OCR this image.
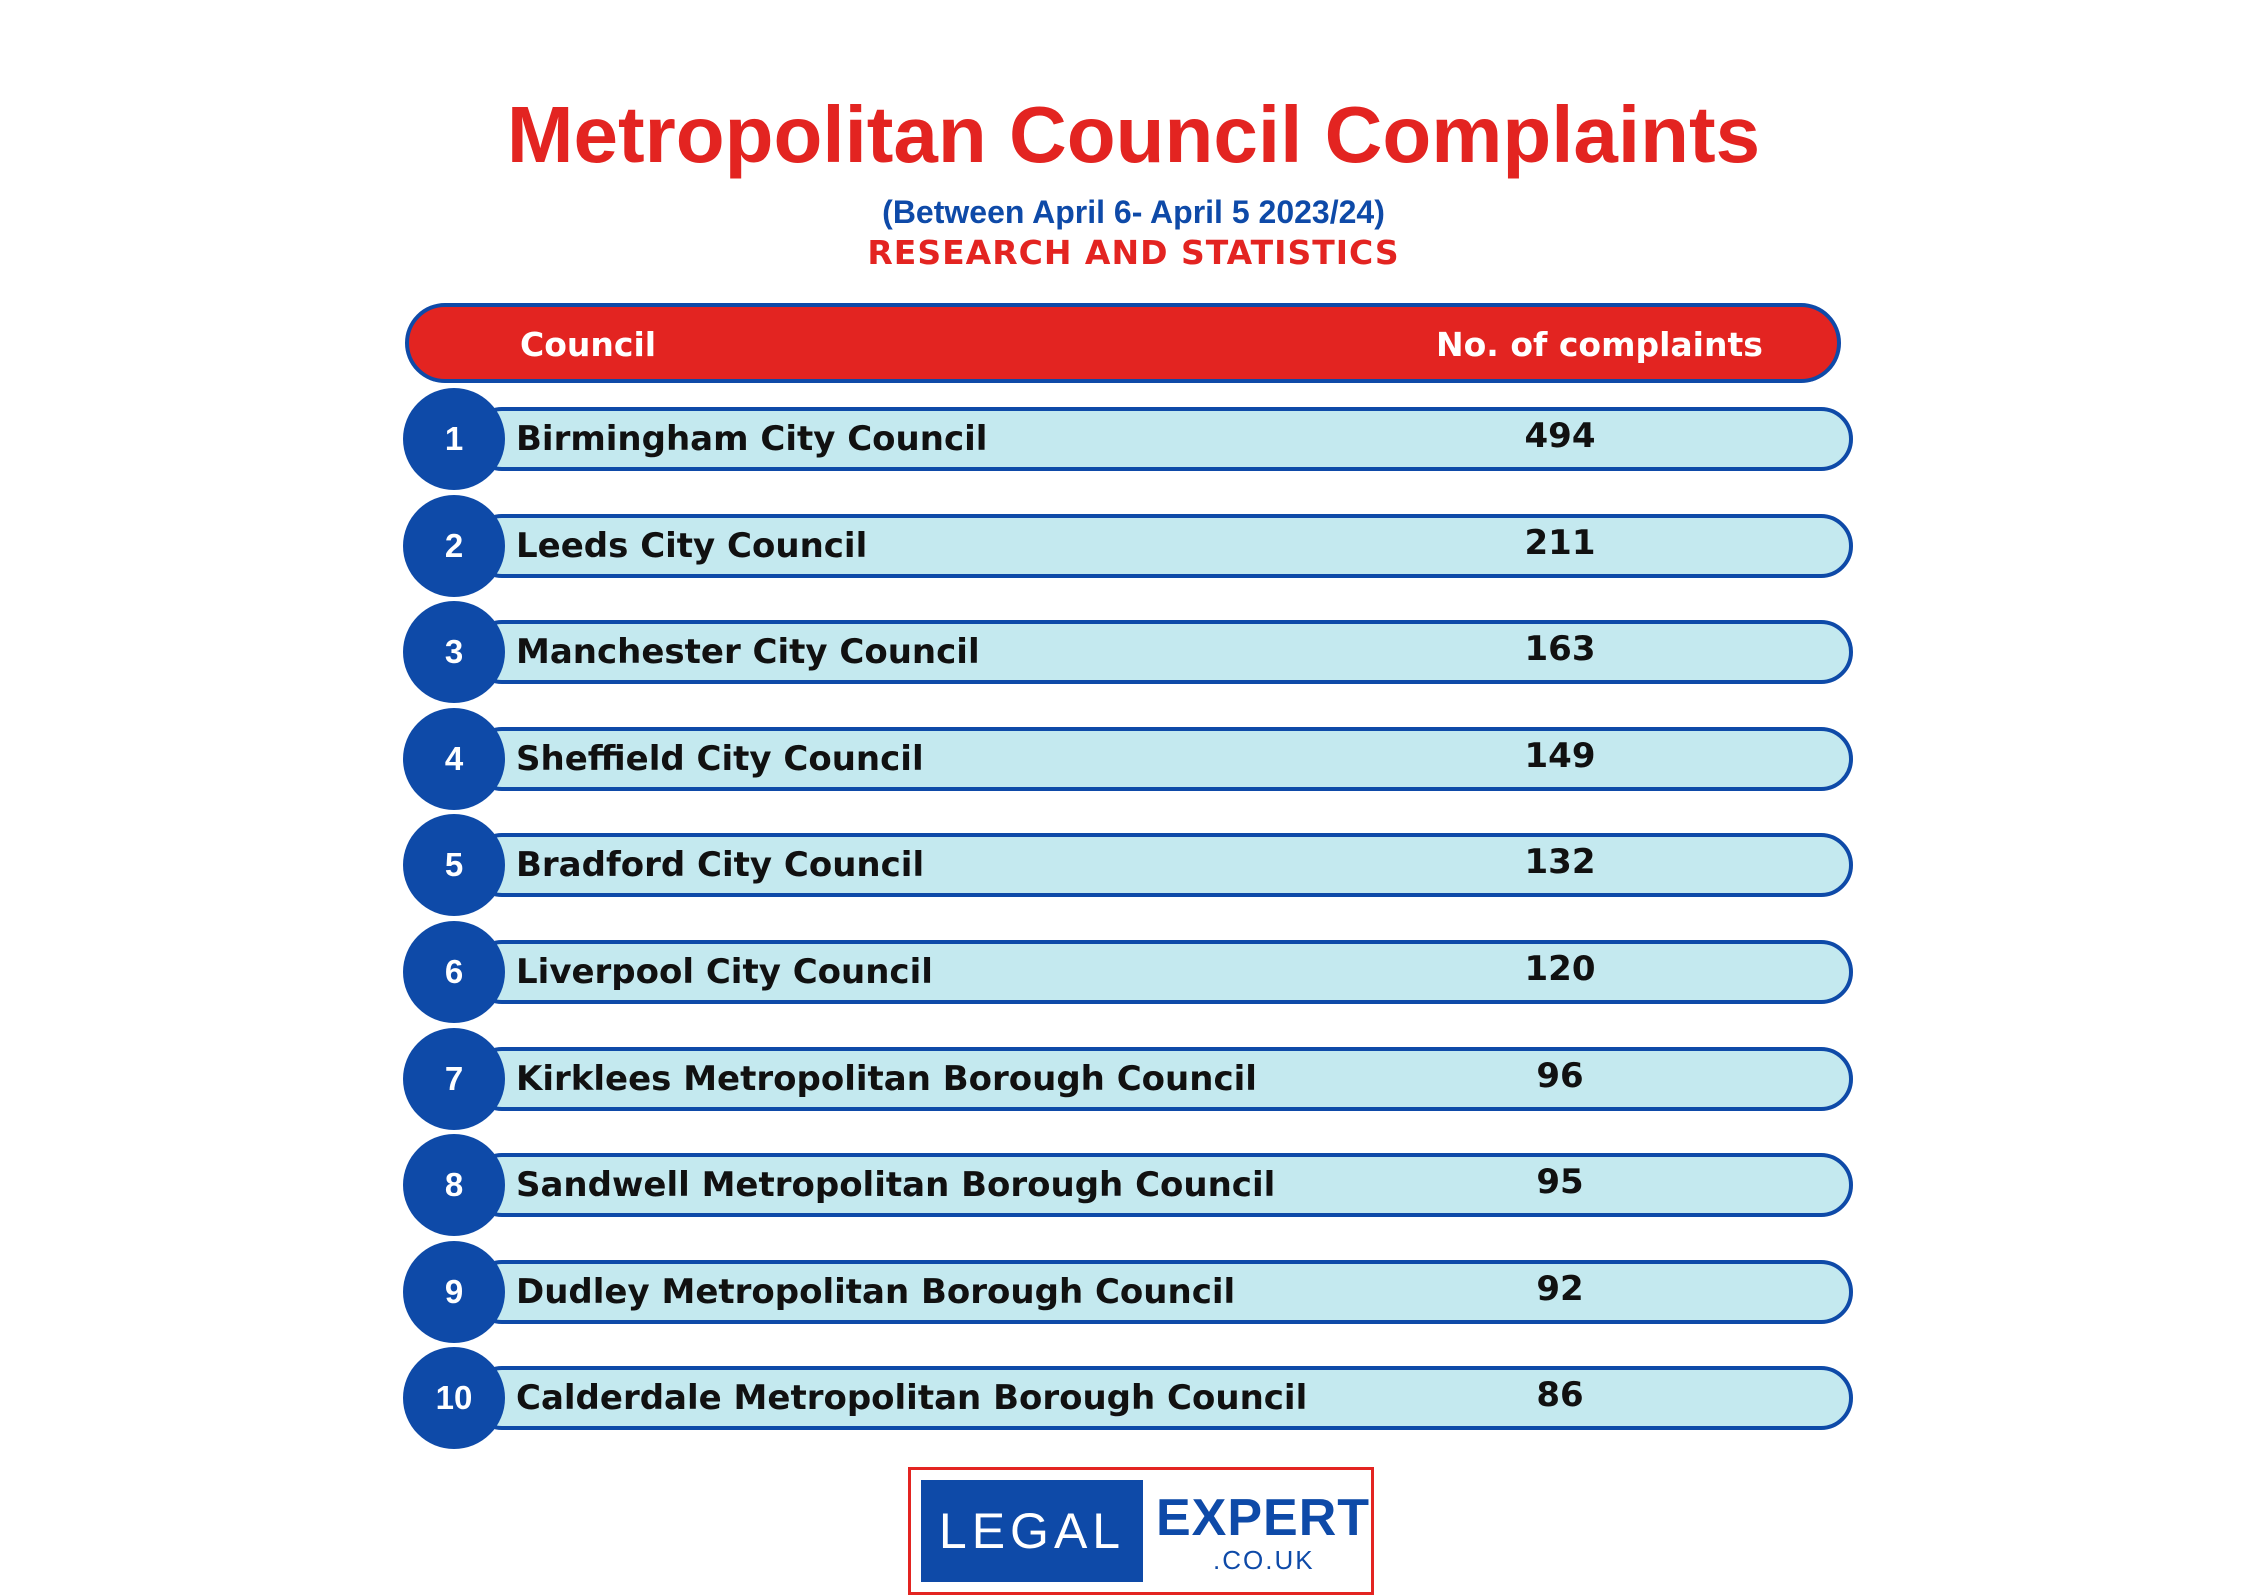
Metropolitan Council Complaints
(Between April 6- April 5 2023/24)
RESEARCH AND STATISTICS
Council	No. of complaints
1	Birmingham City Council	494
2	Leeds City Council	211
3	Manchester City Council	163
4	Sheffield City Council	149
5	Bradford City Council	132
6	Liverpool City Council	120
7	Kirklees Metropolitan Borough Council	96
8	Sandwell Metropolitan Borough Council	95
9	Dudley Metropolitan Borough Council	92
10	Calderdale Metropolitan Borough Council	86
LEGAL EXPERT
.CO.UK
